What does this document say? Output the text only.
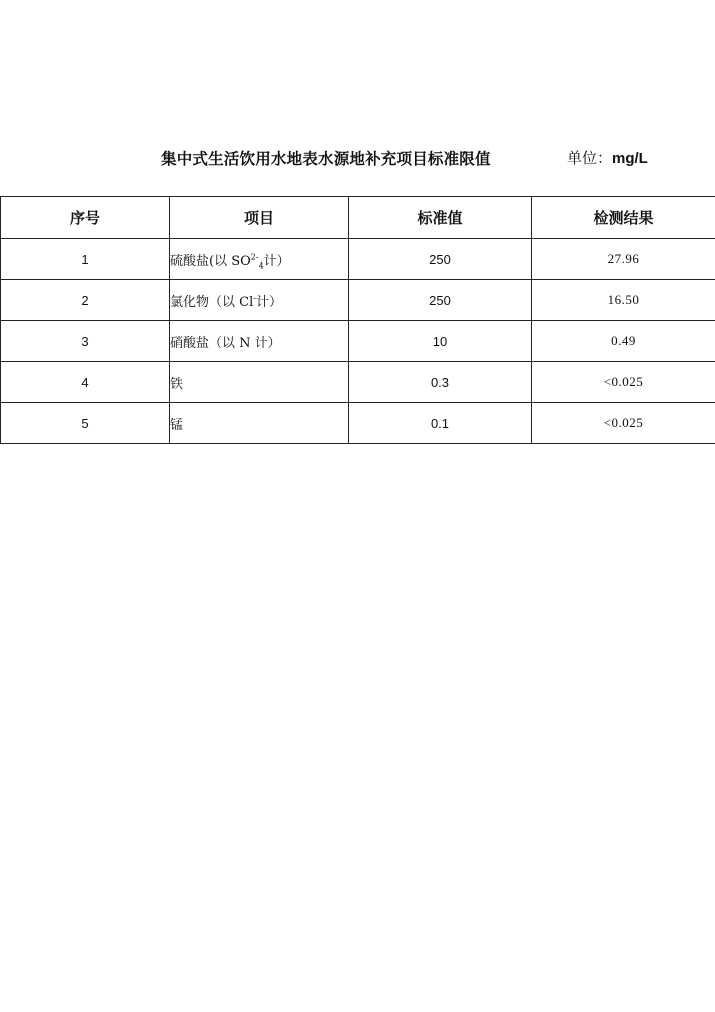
集中式生活饮用水地表水源地补充项目标准限值	单位：mg/L
序号	项目	标准值	检测结果
1	硫酸盐(以 $SO^{2-}_4$计）	250	27.96
2	氯化物（以 Cl-计）	250	16.50
3	硝酸盐（以 N 计）	10	0.49
4	铁	0.3	<0.025
5	锰	0.1	<0.025
